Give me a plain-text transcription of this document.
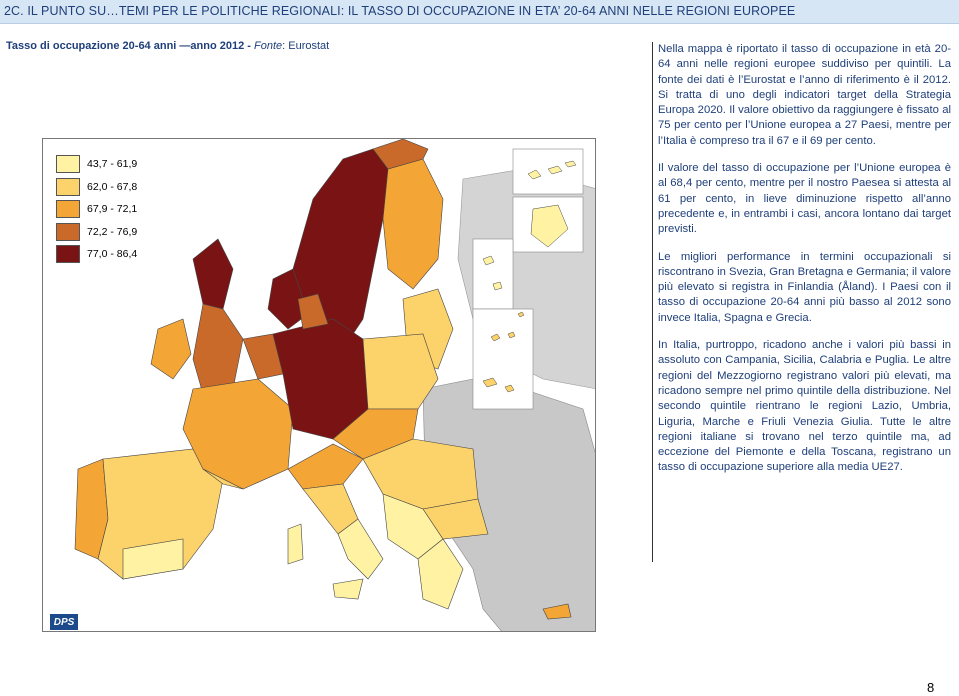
2C. IL PUNTO SU…TEMI PER LE POLITICHE REGIONALI: IL TASSO DI OCCUPAZIONE IN ETA’ 20-64 ANNI NELLE REGIONI EUROPEE
Tasso di occupazione 20-64 anni —anno 2012 - Fonte: Eurostat
43,7 - 61,9
62,0 - 67,8
67,9 - 72,1
72,2 - 76,9
77,0 - 86,4
DPS

Nella mappa è riportato il tasso di occupazione in età 20-64 anni nelle regioni europee suddiviso per quintili. La fonte dei dati è l’Eurostat e l’anno di riferimento è il 2012. Si tratta di uno degli indicatori target della Strategia Europa 2020. Il valore obiettivo da raggiungere è fissato al 75 per cento per l’Unione europea a 27 Paesi, mentre per l’Italia è compreso tra il 67 e il 69 per cento.

Il valore del tasso di occupazione per l’Unione europea è al 68,4 per cento, mentre per il nostro Paesea si attesta al 61 per cento, in lieve diminuzione rispetto all’anno precedente e, in entrambi i casi, ancora lontano dai target previsti.

Le migliori performance in termini occupazionali si riscontrano in Svezia, Gran Bretagna e Germania; il valore più elevato si registra in Finlandia (Åland). I Paesi con il tasso di occupazione 20-64 anni più basso al 2012 sono invece Italia, Spagna e Grecia.

In Italia, purtroppo, ricadono anche i valori più bassi in assoluto con Campania, Sicilia, Calabria e Puglia. Le altre regioni del Mezzogiorno registrano valori più elevati, ma ricadono sempre nel primo quintile della distribuzione. Nel secondo quintile rientrano le regioni Lazio, Umbria, Liguria, Marche e Friuli Venezia Giulia. Tutte le altre regioni italiane si trovano nel terzo quintile ma, ad eccezione del Piemonte e della Toscana, registrano un tasso di occupazione superiore alla media UE27.

8
